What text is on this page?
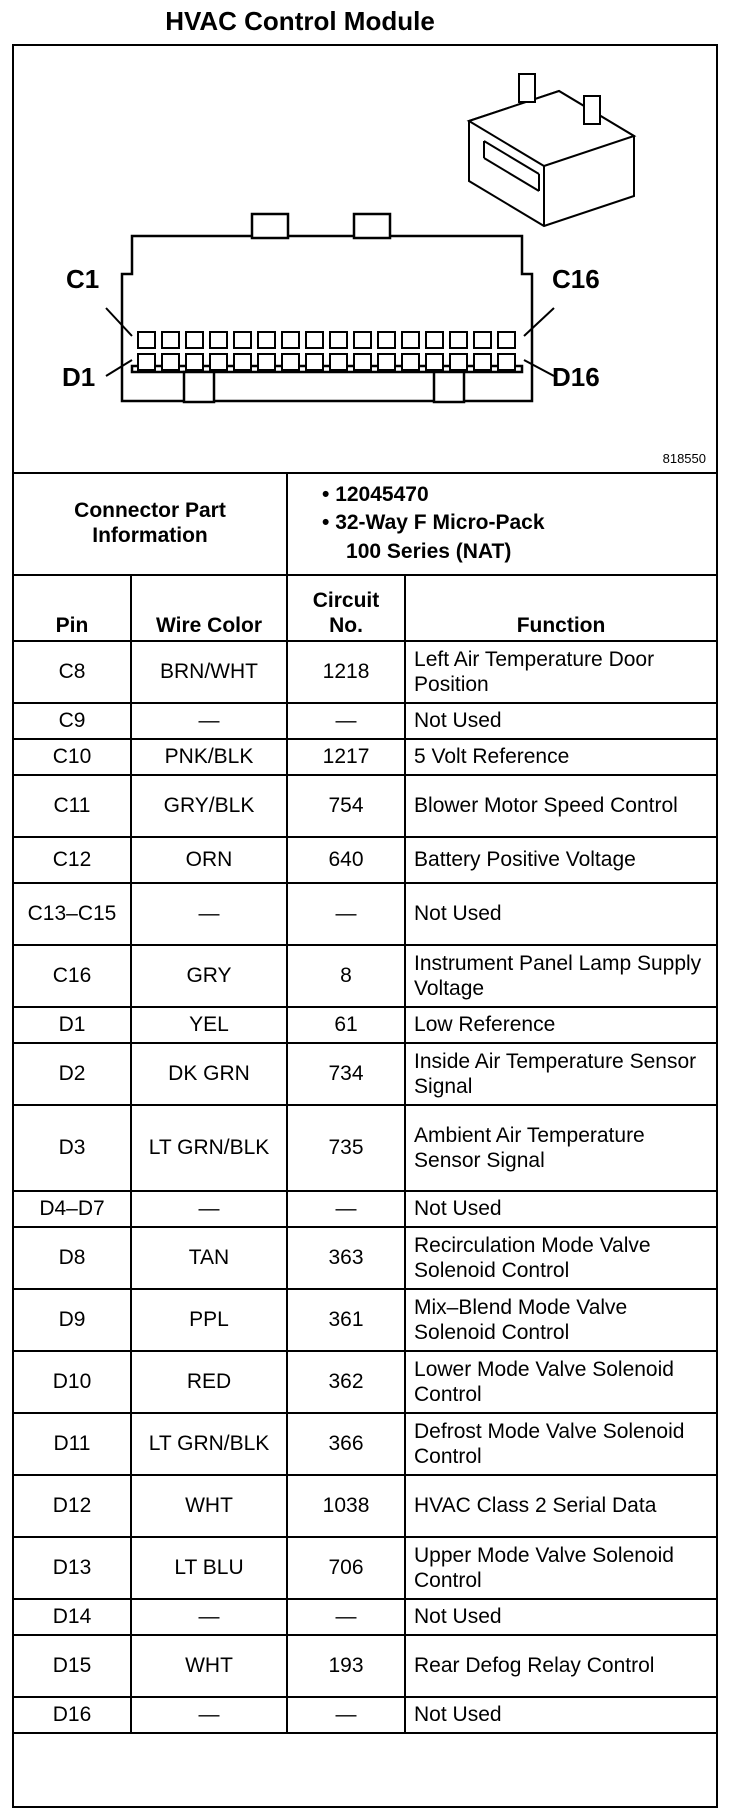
HVAC Control Module
C1
D1
C16
D16
818550
Connector Part Information		• 12045470
• 32-Way F Micro-Pack
100 Series (NAT)	

Pin	Wire Color	Circuit No.	Function
C8	BRN/WHT	1218	Left Air Temperature Door Position
C9	—	—	Not Used
C10	PNK/BLK	1217	5 Volt Reference
C11	GRY/BLK	754	Blower Motor Speed Control
C12	ORN	640	Battery Positive Voltage
C13–C15	—	—	Not Used
C16	GRY	8	Instrument Panel Lamp Supply Voltage
D1	YEL	61	Low Reference
D2	DK GRN	734	Inside Air Temperature Sensor Signal
D3	LT GRN/BLK	735	Ambient Air Temperature Sensor Signal
D4–D7	—	—	Not Used
D8	TAN	363	Recirculation Mode Valve Solenoid Control
D9	PPL	361	Mix–Blend Mode Valve Solenoid Control
D10	RED	362	Lower Mode Valve Solenoid Control
D11	LT GRN/BLK	366	Defrost Mode Valve Solenoid Control
D12	WHT	1038	HVAC Class 2 Serial Data
D13	LT BLU	706	Upper Mode Valve Solenoid Control
D14	—	—	Not Used
D15	WHT	193	Rear Defog Relay Control
D16	—	—	Not Used
